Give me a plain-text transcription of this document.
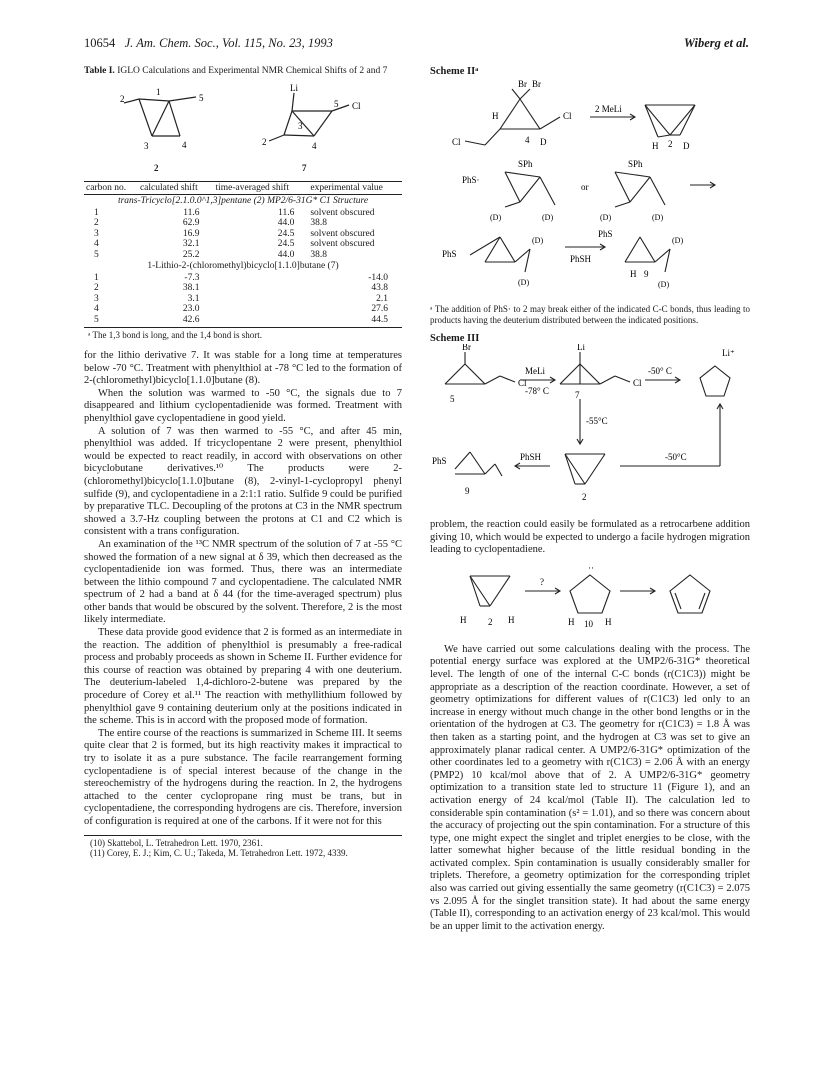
10654 J. Am. Chem. Soc., Vol. 115, No. 23, 1993	Wiberg et al.
Table I. IGLO Calculations and Experimental NMR Chemical Shifts of 2 and 7
2
1
5
3	4
Li
2
3
4
5 Cl
2	7
carbon no.	calculated shift	time-averaged shift	experimental value
trans-Tricyclo[2.1.0.0^1,3]pentane (2) MP2/6-31G* C1 Structure			
1	11.6	11.6	solvent obscured
2	62.9	44.0	38.8
3	16.9	24.5	solvent obscured
4	32.1	24.5	solvent obscured
5	25.2	44.0	38.8
1-Lithio-2-(chloromethyl)bicyclo[1.1.0]butane (7)			
1	-7.3		-14.0
2	38.1		43.8
3	3.1		2.1
4	23.0		27.6
5	42.6		44.5
ᵃ The 1,3 bond is long, and the 1,4 bond is short.

for the lithio derivative 7. It was stable for a long time at temperatures below -70 °C. Treatment with phenylthiol at -78 °C led to the formation of 2-(chloromethyl)bicyclo[1.1.0]butane (8).

When the solution was warmed to -50 °C, the signals due to 7 disappeared and lithium cyclopentadienide was formed. Treatment with phenylthiol gave cyclopentadiene in good yield.

A solution of 7 was then warmed to -55 °C, and after 45 min, phenylthiol was added. If tricyclopentane 2 were present, phenylthiol would be expected to react readily, in accord with observations on other bicyclobutane derivatives.¹⁰ The products were 2-(chloromethyl)bicyclo[1.1.0]butane (8), 2-vinyl-1-cyclopropyl phenyl sulfide (9), and cyclopentadiene in a 2:1:1 ratio. Sulfide 9 could be purified by preparative TLC. Decoupling of the protons at C3 in the NMR spectrum showed a 3.7-Hz coupling between the protons at C1 and C2 which is consistent with a trans configuration.

An examination of the ¹³C NMR spectrum of the solution of 7 at -55 °C showed the formation of a new signal at δ 39, which then decreased as the cyclopentadienide ion was formed. Thus, there was an intermediate between the lithio compound 7 and cyclopentadiene. The calculated NMR spectrum of 2 had a band at δ 44 (for the time-averaged spectrum) plus other bands that would be obscured by the solvent. Therefore, 2 is the most likely intermediate.

These data provide good evidence that 2 is formed as an intermediate in the reaction. The addition of phenylthiol is presumably a free-radical process and probably proceeds as shown in Scheme II. Further evidence for this course of reaction was obtained by preparing 4 with one deuterium. The deuterium-labeled 1,4-dichloro-2-butene was prepared by the procedure of Corey et al.¹¹ The reaction with methyllithium followed by phenylthiol gave 9 containing deuterium only at the positions indicated in the scheme. This is in accord with the proposed mode of formation.

The entire course of the reactions is summarized in Scheme III. It seems quite clear that 2 is formed, but its high reactivity makes it impractical to try to isolate it as a pure substance. The facile rearrangement forming cyclopentadiene is of special interest because of the change in the stereochemistry of the hydrogens during the reaction. In 2, the hydrogens attached to the center cyclopropane ring must be trans, but in cyclopentadiene, the corresponding hydrogens are cis. Therefore, inversion of configuration is required at one of the carbons. If it were not for this

(10) Skattebol, L. Tetrahedron Lett. 1970, 2361.
(11) Corey, E. J.; Kim, C. U.; Takeda, M. Tetrahedron Lett. 1972, 4339.
Scheme IIᵃ
Br Br
H	Cl
Cl	4 D
2 MeLi
H 2 D
SPh	SPh
PhS·
(D)	(D)
or
(D)	(D)
PhS
(D)
(D)
PhSH
PhS
(D)
H 9
(D)
ᵃ The addition of PhS· to 2 may break either of the indicated C-C bonds, thus leading to products having the deuterium distributed between the indicated positions.
Scheme III
Br
Cl
5
MeLi
-78° C
Li
Cl
7
-50° C
Li⁺
-55°C
PhS
9
PhSH
2
-50°C

problem, the reaction could easily be formulated as a retrocarbene addition giving 10, which would be expected to undergo a facile hydrogen migration leading to cyclopentadiene.

H 2 H
?
··
H 10 H

We have carried out some calculations dealing with the process. The potential energy surface was explored at the UMP2/6-31G* theoretical level. The length of one of the internal C-C bonds (r(C1C3)) might be appropriate as a description of the reaction coordinate. However, a set of geometry optimizations for different values of r(C1C3) led only to an increase in energy without much change in the other bond lengths or in the orientation of the hydrogen at C3. The geometry for r(C1C3) = 1.8 Å was then taken as a starting point, and the hydrogen at C3 was set to give an approximately planar radical center. A UMP2/6-31G* optimization of the other coordinates led to a geometry with r(C1C3) = 2.06 Å with an energy (PMP2) 10 kcal/mol above that of 2. A UMP2/6-31G* geometry optimization to a transition state led to structure 11 (Figure 1), and an activation energy of 24 kcal/mol (Table II). The calculation led to considerable spin contamination (s² = 1.01), and so there was concern about the accuracy of projecting out the spin contamination. For a structure of this type, one might expect the singlet and triplet energies to be close, with the latter somewhat higher because of the little residual bonding in the activated complex. Spin contamination is usually considerably smaller for triplets. Therefore, a geometry optimization for the corresponding triplet also was carried out giving essentially the same geometry (r(C1C3) = 2.075 vs 2.095 Å for the singlet transition state). It had about the same energy (Table II), corresponding to an activation energy of 23 kcal/mol. This would be an upper limit to the activation energy.
